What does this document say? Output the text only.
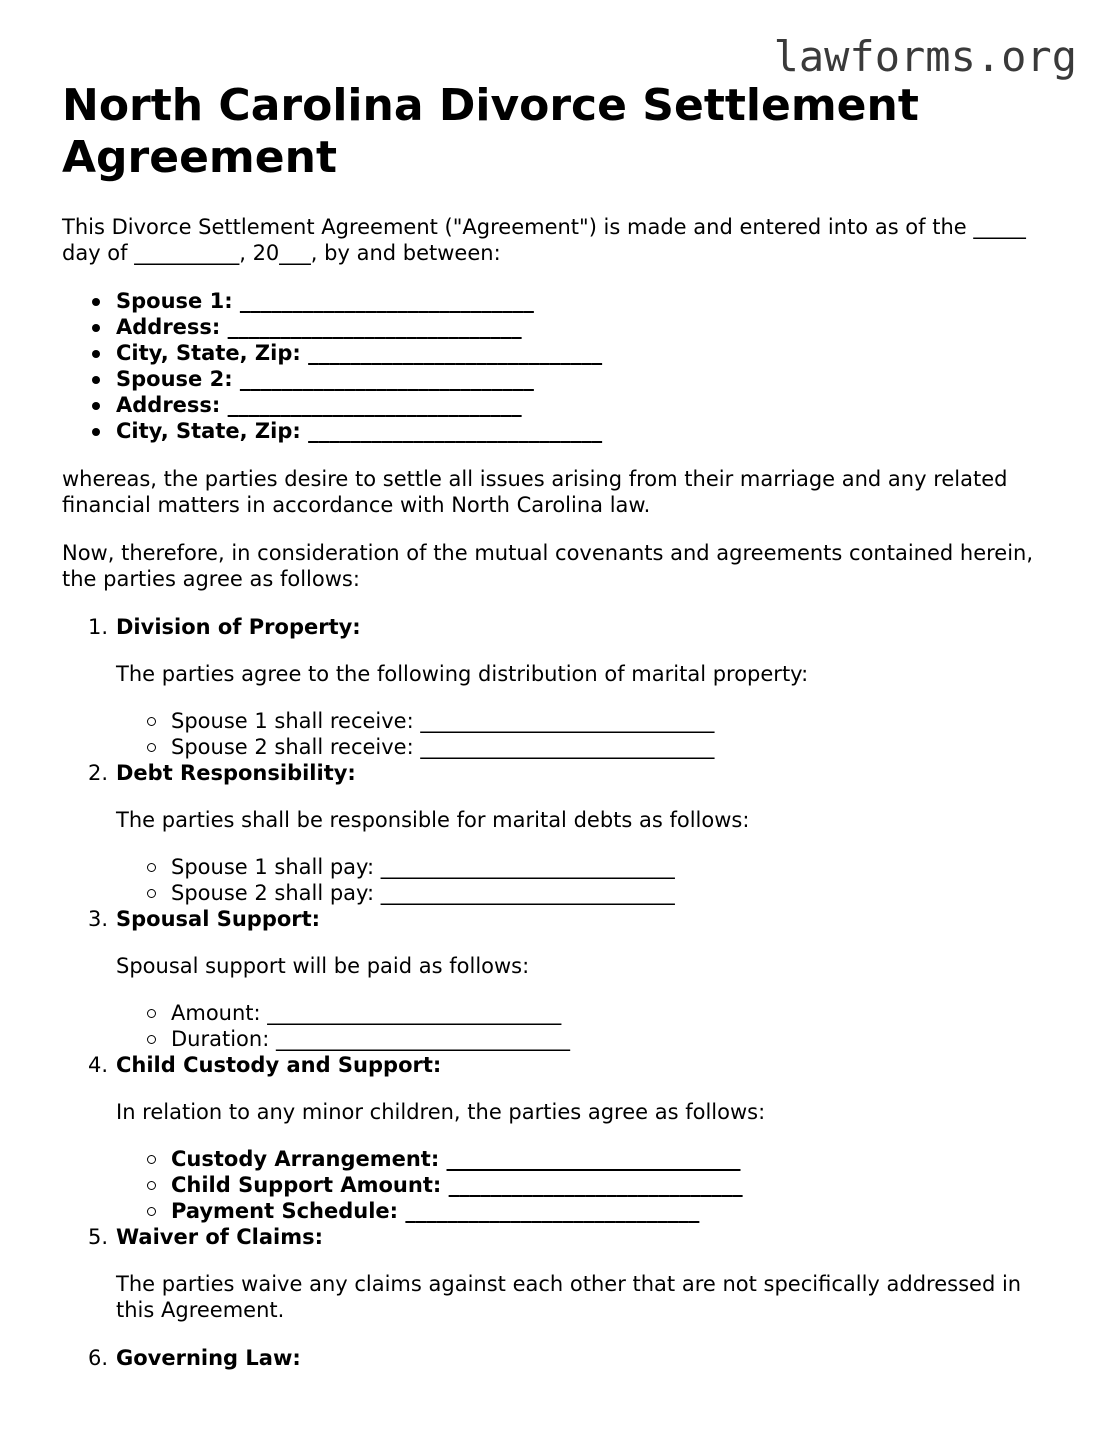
lawforms.org
North Carolina Divorce Settlement Agreement

This Divorce Settlement Agreement ("Agreement") is made and entered into as of the _____ day of __________, 20___, by and between:

Spouse 1: ____________________________
Address: ____________________________
City, State, Zip: ____________________________
Spouse 2: ____________________________
Address: ____________________________
City, State, Zip: ____________________________

whereas, the parties desire to settle all issues arising from their marriage and any related financial matters in accordance with North Carolina law.

Now, therefore, in consideration of the mutual covenants and agreements contained herein, the parties agree as follows:

1. Division of Property:
The parties agree to the following distribution of marital property:
Spouse 1 shall receive: ____________________________
Spouse 2 shall receive: ____________________________
2. Debt Responsibility:
The parties shall be responsible for marital debts as follows:
Spouse 1 shall pay: ____________________________
Spouse 2 shall pay: ____________________________
3. Spousal Support:
Spousal support will be paid as follows:
Amount: ____________________________
Duration: ____________________________
4. Child Custody and Support:
In relation to any minor children, the parties agree as follows:
Custody Arrangement: ____________________________
Child Support Amount: ____________________________
Payment Schedule: ____________________________
5. Waiver of Claims:
The parties waive any claims against each other that are not specifically addressed in this Agreement.
6. Governing Law:
